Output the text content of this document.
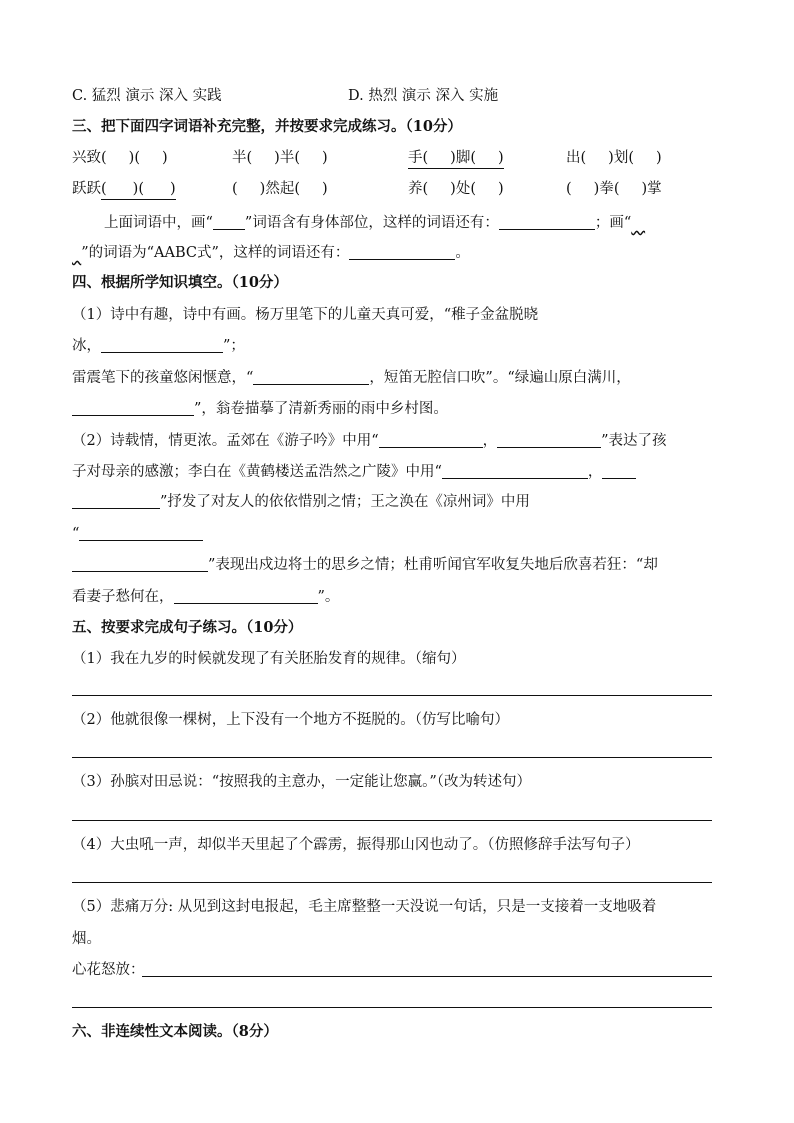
C. 猛烈 演示 深入 实践	D. 热烈 演示 深入 实施
三、把下面四字词语补充完整，并按要求完成练习。（10分）
兴致( )( )	半( )半( )	手( )脚( )	出( )划( )
跃跃( )( )	( )然起( )	养( )处( )	( )拳( )掌
上面词语中，画“ ”词语含有身体部位，这样的词语还有：	；画“
”的词语为“AABC式”，这样的词语还有：	。
四、根据所学知识填空。（10分）
（1）诗中有趣，诗中有画。杨万里笔下的儿童天真可爱，“稚子金盆脱晓
冰，	”；
雷震笔下的孩童悠闲惬意，“	，短笛无腔信口吹”。“绿遍山原白满川，
”，翁卷描摹了清新秀丽的雨中乡村图。
（2）诗载情，情更浓。孟郊在《游子吟》中用“	，	”表达了孩
子对母亲的感激；李白在《黄鹤楼送孟浩然之广陵》中用“	，
”抒发了对友人的依依惜别之情；王之涣在《凉州词》中用
“
”表现出戍边将士的思乡之情；杜甫听闻官军收复失地后欣喜若狂：“却
看妻子愁何在，	”。
五、按要求完成句子练习。（10分）
（1）我在九岁的时候就发现了有关胚胎发育的规律。（缩句）
（2）他就很像一棵树，上下没有一个地方不挺脱的。（仿写比喻句）
（3）孙膑对田忌说：“按照我的主意办，一定能让您赢。”（改为转述句）
（4）大虫吼一声，却似半天里起了个霹雳，振得那山冈也动了。（仿照修辞手法写句子）
（5）悲痛万分: 从见到这封电报起，毛主席整整一天没说一句话，只是一支接着一支地吸着
烟。
心花怒放：
六、非连续性文本阅读。（8分）
